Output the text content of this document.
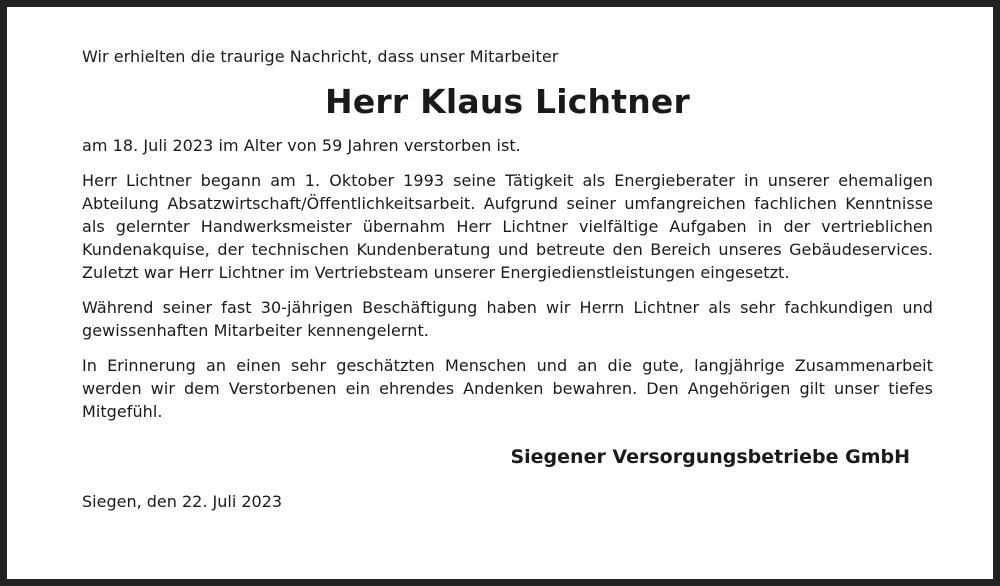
Wir erhielten die traurige Nachricht, dass unser Mitarbeiter

Herr Klaus Lichtner

am 18. Juli 2023 im Alter von 59 Jahren verstorben ist.

Herr Lichtner begann am 1. Oktober 1993 seine Tätigkeit als Energieberater in unserer ehemaligen Abteilung Absatzwirtschaft/Öffentlichkeitsarbeit. Aufgrund seiner umfangreichen fachlichen Kenntnisse als gelernter Handwerksmeister übernahm Herr Lichtner vielfältige Aufgaben in der vertrieblichen Kundenakquise, der technischen Kundenberatung und betreute den Bereich unseres Gebäudeservices. Zuletzt war Herr Lichtner im Vertriebsteam unserer Energiedienstleistungen eingesetzt.

Während seiner fast 30-jährigen Beschäftigung haben wir Herrn Lichtner als sehr fachkundigen und gewissenhaften Mitarbeiter kennengelernt.

In Erinnerung an einen sehr geschätzten Menschen und an die gute, langjährige Zusammenarbeit werden wir dem Verstorbenen ein ehrendes Andenken bewahren. Den Angehörigen gilt unser tiefes Mitgefühl.

Siegener Versorgungsbetriebe GmbH
Siegen, den 22. Juli 2023
